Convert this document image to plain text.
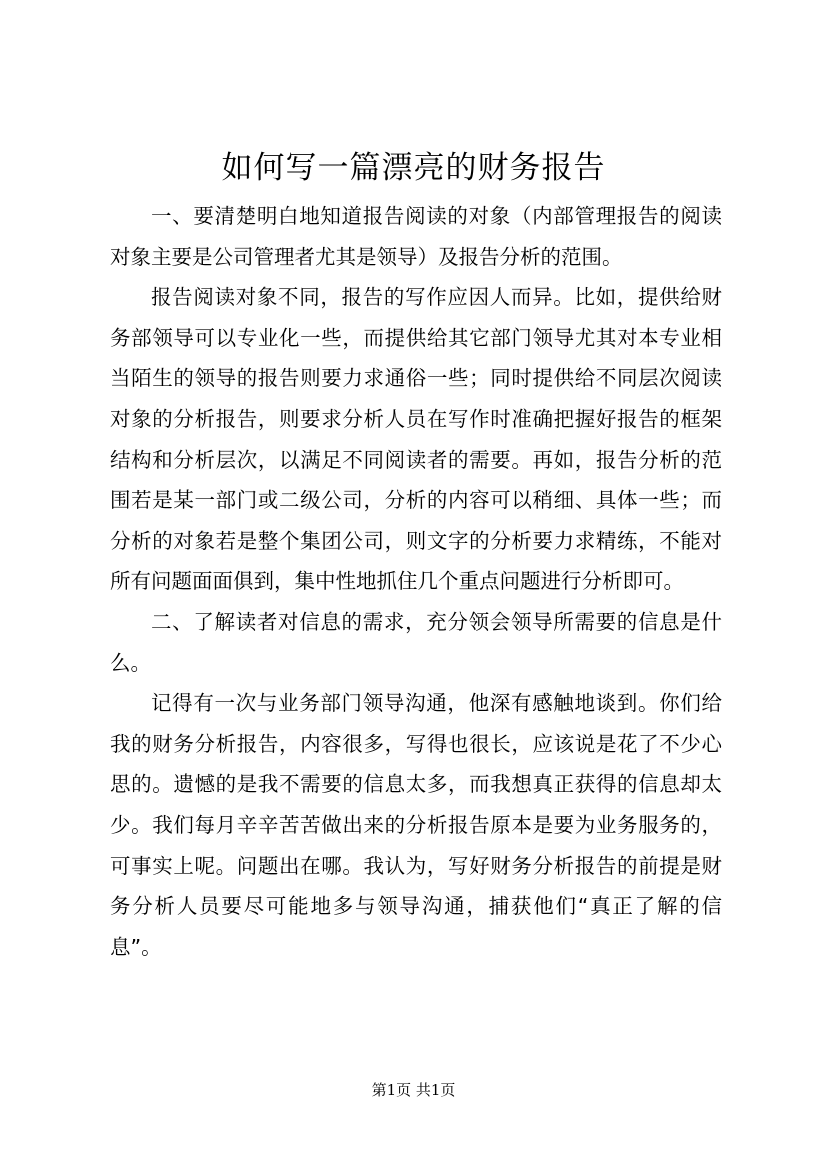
如何写一篇漂亮的财务报告

一、要清楚明白地知道报告阅读的对象（内部管理报告的阅读对象主要是公司管理者尤其是领导）及报告分析的范围。

报告阅读对象不同，报告的写作应因人而异。比如，提供给财务部领导可以专业化一些，而提供给其它部门领导尤其对本专业相当陌生的领导的报告则要力求通俗一些；同时提供给不同层次阅读对象的分析报告，则要求分析人员在写作时准确把握好报告的框架结构和分析层次，以满足不同阅读者的需要。再如，报告分析的范围若是某一部门或二级公司，分析的内容可以稍细、具体一些；而分析的对象若是整个集团公司，则文字的分析要力求精练，不能对所有问题面面俱到，集中性地抓住几个重点问题进行分析即可。

二、了解读者对信息的需求，充分领会领导所需要的信息是什么。

记得有一次与业务部门领导沟通，他深有感触地谈到。你们给我的财务分析报告，内容很多，写得也很长，应该说是花了不少心思的。遗憾的是我不需要的信息太多，而我想真正获得的信息却太少。我们每月辛辛苦苦做出来的分析报告原本是要为业务服务的，可事实上呢。问题出在哪。我认为，写好财务分析报告的前提是财务分析人员要尽可能地多与领导沟通，捕获他们“真正了解的信息”。

第1页 共1页
